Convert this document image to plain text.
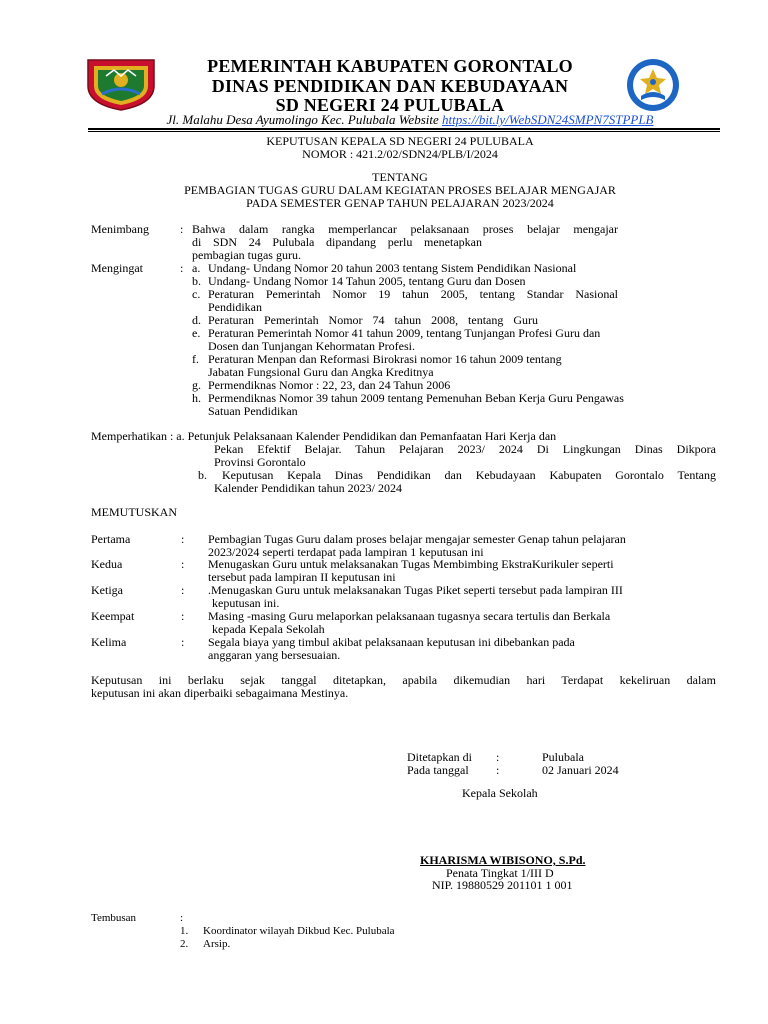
PEMERINTAH KABUPATEN GORONTALO
DINAS PENDIDIKAN DAN KEBUDAYAAN
SD NEGERI 24 PULUBALA
Jl. Malahu Desa Ayumolingo Kec. Pulubala Website https://bit.ly/WebSDN24SMPN7STPPLB
KEPUTUSAN KEPALA SD NEGERI 24 PULUBALA
NOMOR : 421.2/02/SDN24/PLB/I/2024
TENTANG
PEMBAGIAN TUGAS GURU DALAM KEGIATAN PROSES BELAJAR MENGAJAR
PADA SEMESTER GENAP TAHUN PELAJARAN 2023/2024
Menimbang	: Bahwa dalam rangka memperlancar pelaksanaan proses belajar mengajar
di SDN 24 Pulubala dipandang perlu menetapkan
pembagian tugas guru.
Mengingat	: a. Undang- Undang Nomor 20 tahun 2003 tentang Sistem Pendidikan Nasional
b. Undang- Undang Nomor 14 Tahun 2005, tentang Guru dan Dosen
c. Peraturan Pemerintah Nomor 19 tahun 2005, tentang Standar Nasional
Pendidikan
d. Peraturan Pemerintah Nomor 74 tahun 2008, tentang Guru
e. Peraturan Pemerintah Nomor 41 tahun 2009, tentang Tunjangan Profesi Guru dan
Dosen dan Tunjangan Kehormatan Profesi.
f. Peraturan Menpan dan Reformasi Birokrasi nomor 16 tahun 2009 tentang
Jabatan Fungsional Guru dan Angka Kreditnya
g. Permendiknas Nomor : 22, 23, dan 24 Tahun 2006
h. Permendiknas Nomor 39 tahun 2009 tentang Pemenuhan Beban Kerja Guru Pengawas
Satuan Pendidikan
Memperhatikan : a. Petunjuk Pelaksanaan Kalender Pendidikan dan Pemanfaatan Hari Kerja dan
Pekan Efektif Belajar. Tahun Pelajaran 2023/ 2024 Di Lingkungan Dinas Dikpora
Provinsi Gorontalo
b. Keputusan Kepala Dinas Pendidikan dan Kebudayaan Kabupaten Gorontalo Tentang
Kalender Pendidikan tahun 2023/ 2024
MEMUTUSKAN
Pertama	: Pembagian Tugas Guru dalam proses belajar mengajar semester Genap tahun pelajaran
2023/2024 seperti terdapat pada lampiran 1 keputusan ini
Kedua	: Menugaskan Guru untuk melaksanakan Tugas Membimbing EkstraKurikuler seperti
tersebut pada lampiran II keputusan ini
Ketiga	: .Menugaskan Guru untuk melaksanakan Tugas Piket seperti tersebut pada lampiran III
keputusan ini.
Keempat	: Masing -masing Guru melaporkan pelaksanaan tugasnya secara tertulis dan Berkala
kepada Kepala Sekolah
Kelima	: Segala biaya yang timbul akibat pelaksanaan keputusan ini dibebankan pada
anggaran yang bersesuaian.
Keputusan ini berlaku sejak tanggal ditetapkan, apabila dikemudian hari Terdapat kekeliruan dalam
keputusan ini akan diperbaiki sebagaimana Mestinya.
Ditetapkan di :	Pulubala
Pada tanggal :	02 Januari 2024
Kepala Sekolah
KHARISMA WIBISONO, S.Pd.
Penata Tingkat 1/III D
NIP. 19880529 201101 1 001
Tembusan	:
1. Koordinator wilayah Dikbud Kec. Pulubala
2. Arsip.
